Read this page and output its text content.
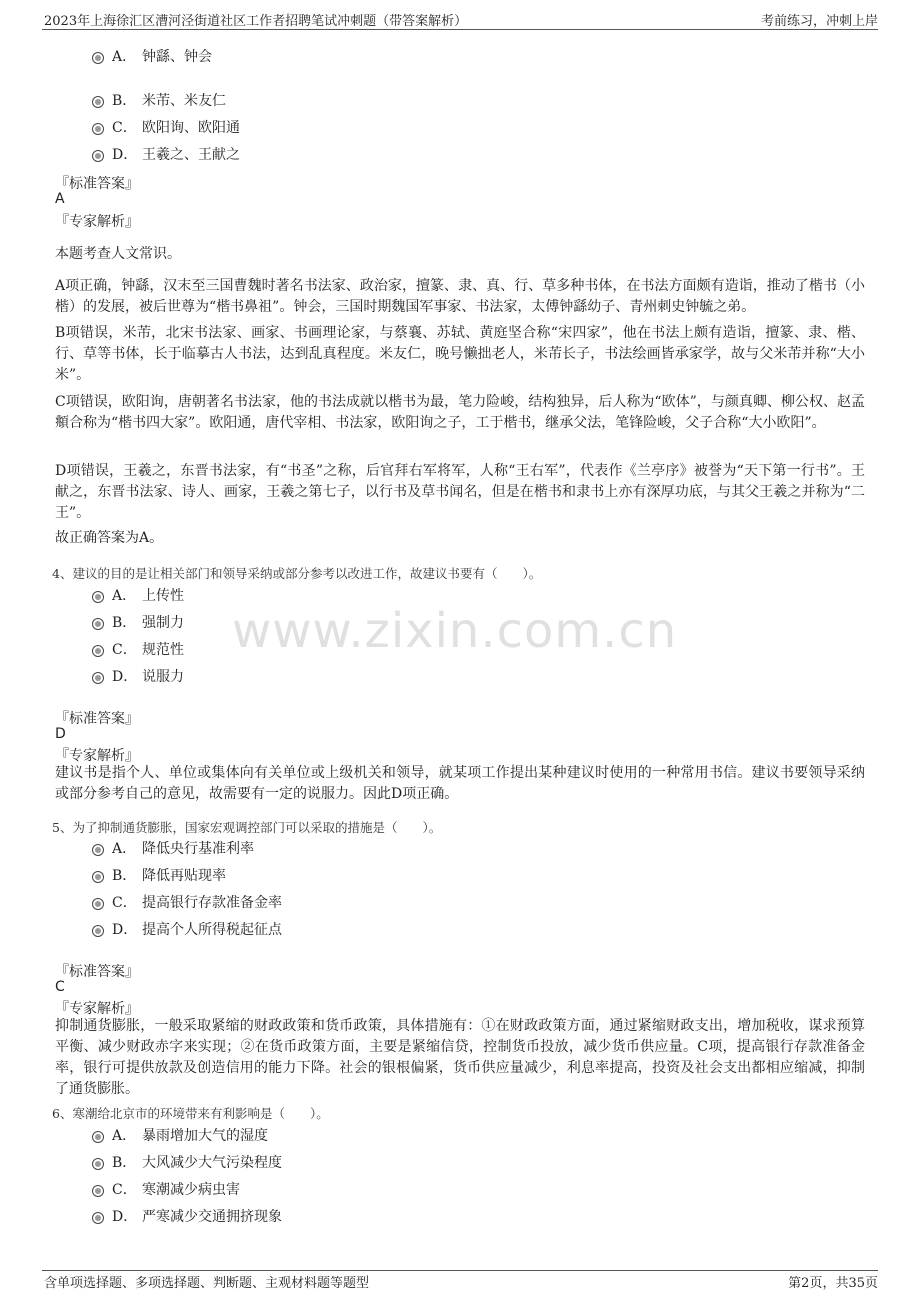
2023年上海徐汇区漕河泾街道社区工作者招聘笔试冲刺题（带答案解析）	考前练习，冲刺上岸
www.zixin.com.cn
A． 钟繇、钟会
B． 米芾、米友仁
C． 欧阳询、欧阳通
D． 王羲之、王献之
『标准答案』
A
『专家解析』
本题考查人文常识。
A项正确，钟繇，汉末至三国曹魏时著名书法家、政治家，擅篆、隶、真、行、草多种书体，在书法方面颇有造诣，推动了楷书（小楷）的发展，被后世尊为“楷书鼻祖”。钟会，三国时期魏国军事家、书法家，太傅钟繇幼子、青州刺史钟毓之弟。
B项错误，米芾，北宋书法家、画家、书画理论家，与蔡襄、苏轼、黄庭坚合称“宋四家”，他在书法上颇有造诣，擅篆、隶、楷、行、草等书体，长于临摹古人书法，达到乱真程度。米友仁，晚号懒拙老人，米芾长子，书法绘画皆承家学，故与父米芾并称“大小米”。
C项错误，欧阳询，唐朝著名书法家，他的书法成就以楷书为最，笔力险峻，结构独异，后人称为“欧体”，与颜真卿、柳公权、赵孟頫合称为“楷书四大家”。欧阳通，唐代宰相、书法家，欧阳询之子，工于楷书，继承父法，笔锋险峻，父子合称“大小欧阳”。
D项错误，王羲之，东晋书法家，有“书圣”之称，后官拜右军将军，人称“王右军”，代表作《兰亭序》被誉为“天下第一行书”。王献之，东晋书法家、诗人、画家，王羲之第七子，以行书及草书闻名，但是在楷书和隶书上亦有深厚功底，与其父王羲之并称为“二王”。
故正确答案为A。
4、建议的目的是让相关部门和领导采纳或部分参考以改进工作，故建议书要有（　　）。
A． 上传性
B． 强制力
C． 规范性
D． 说服力
『标准答案』
D
『专家解析』
建议书是指个人、单位或集体向有关单位或上级机关和领导，就某项工作提出某种建议时使用的一种常用书信。建议书要领导采纳或部分参考自己的意见，故需要有一定的说服力。因此D项正确。
5、为了抑制通货膨胀，国家宏观调控部门可以采取的措施是（　　）。
A． 降低央行基准利率
B． 降低再贴现率
C． 提高银行存款准备金率
D． 提高个人所得税起征点
『标准答案』
C
『专家解析』
抑制通货膨胀，一般采取紧缩的财政政策和货币政策，具体措施有：①在财政政策方面，通过紧缩财政支出，增加税收，谋求预算平衡、减少财政赤字来实现；②在货币政策方面，主要是紧缩信贷，控制货币投放，减少货币供应量。C项，提高银行存款准备金率，银行可提供放款及创造信用的能力下降。社会的银根偏紧，货币供应量减少，利息率提高，投资及社会支出都相应缩减，抑制了通货膨胀。
6、寒潮给北京市的环境带来有利影响是（　　）。
A． 暴雨增加大气的湿度
B． 大风减少大气污染程度
C． 寒潮减少病虫害
D． 严寒减少交通拥挤现象
含单项选择题、多项选择题、判断题、主观材料题等题型	第2页，共35页
